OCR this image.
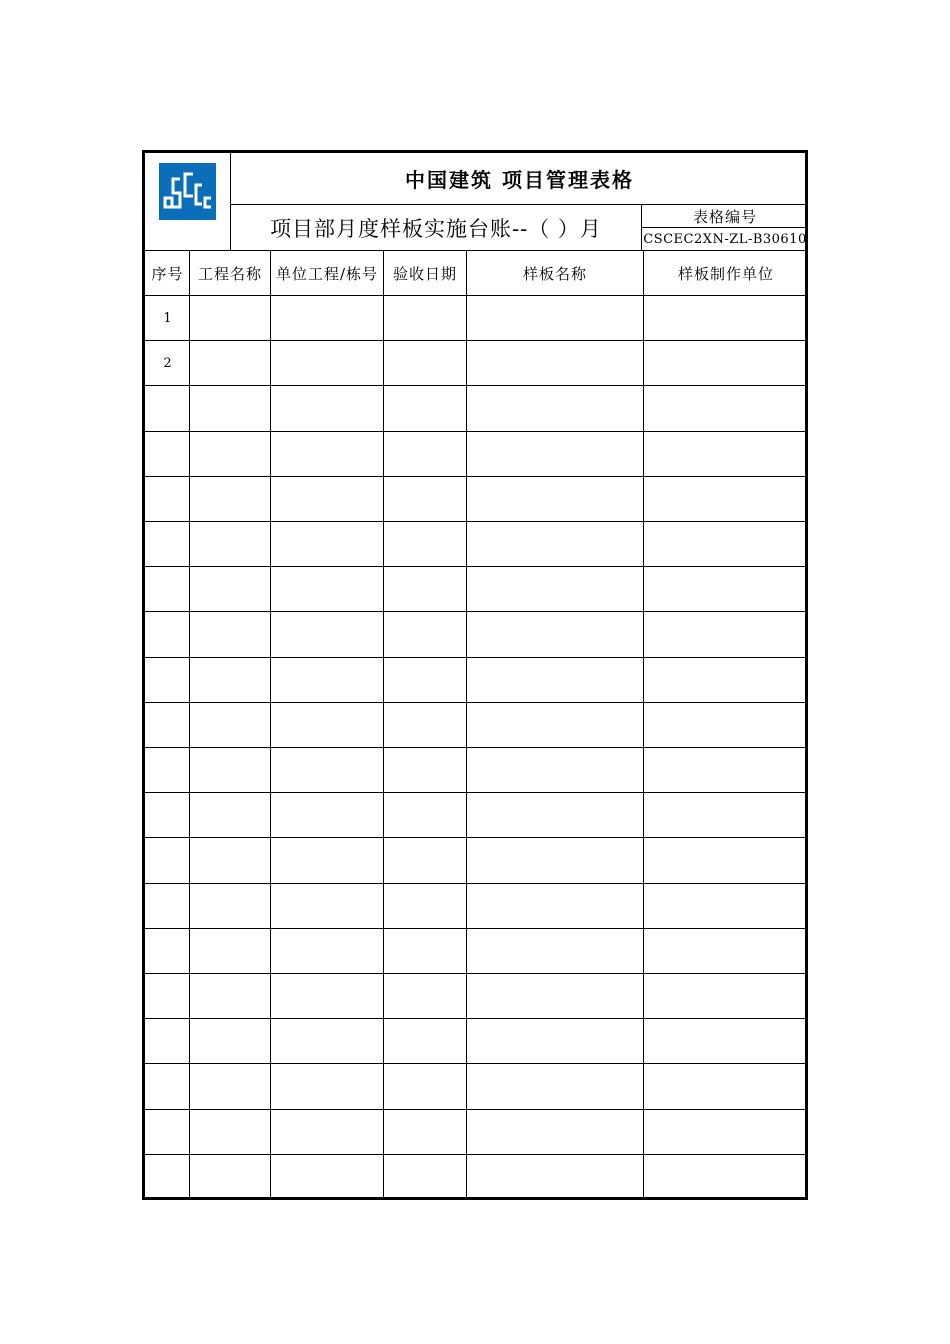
中国建筑 项目管理表格
项目部月度样板实施台账--（ ）月	表格编号
CSCEC2XN-ZL-B30610
序号 工程名称 单位工程/栋号 验收日期	样板名称	样板制作单位
1
2
